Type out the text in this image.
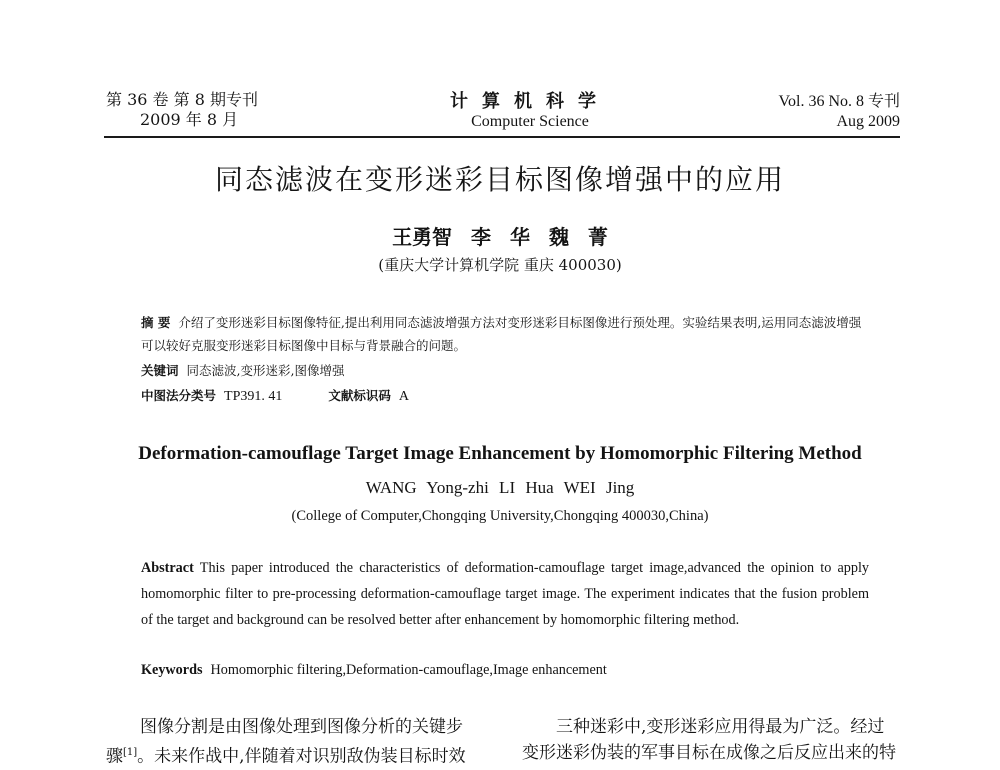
第 36 卷 第 8 期专刊
2009 年 8 月
计算机科学
Computer Science
Vol. 36 No. 8 专刊
Aug 2009
同态滤波在变形迷彩目标图像增强中的应用
王勇智 李 华 魏 菁
(重庆大学计算机学院 重庆 400030)
摘 要 介绍了变形迷彩目标图像特征,提出利用同态滤波增强方法对变形迷彩目标图像进行预处理。实验结果表明,运用同态滤波增强可以较好克服变形迷彩目标图像中目标与背景融合的问题。
关键词 同态滤波,变形迷彩,图像增强
中图法分类号 TP391. 41	文献标识码 A
Deformation-camouflage Target Image Enhancement by Homomorphic Filtering Method
WANG Yong-zhi LI Hua WEI Jing
(College of Computer,Chongqing University,Chongqing 400030,China)
Abstract This paper introduced the characteristics of deformation-camouflage target image,advanced the opinion to apply homomorphic filter to pre-processing deformation-camouflage target image. The experiment indicates that the fusion problem of the target and background can be resolved better after enhancement by homomorphic filtering method.
Keywords Homomorphic filtering,Deformation-camouflage,Image enhancement
图像分割是由图像处理到图像分析的关键步
骤[1]。未来作战中,伴随着对识别敌伪装目标时效
三种迷彩中,变形迷彩应用得最为广泛。经过
变形迷彩伪装的军事目标在成像之后反应出来的特
